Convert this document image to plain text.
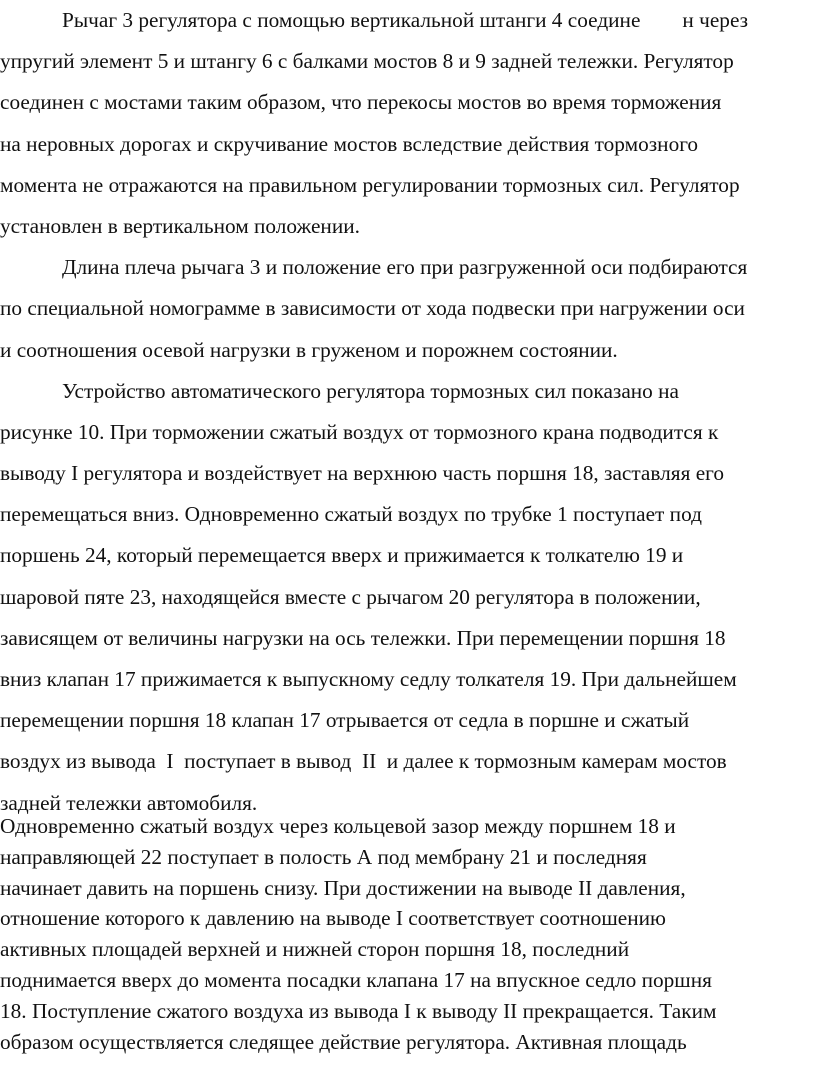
Рычаг 3 регулятора с помощью вертикальной штанги 4 соедине н через
упругий элемент 5 и штангу 6 с балками мостов 8 и 9 задней тележки. Регулятор
соединен с мостами таким образом, что перекосы мостов во время торможения
на неровных дорогах и скручивание мостов вследствие действия тормозного
момента не отражаются на правильном регулировании тормозных сил. Регулятор
установлен в вертикальном положении.
Длина плеча рычага 3 и положение его при разгруженной оси подбираются
по специальной номограмме в зависимости от хода подвески при нагружении оси
и соотношения осевой нагрузки в груженом и порожнем состоянии.
Устройство автоматического регулятора тормозных сил показано на
рисунке 10. При торможении сжатый воздух от тормозного крана подводится к
выводу I регулятора и воздействует на верхнюю часть поршня 18, заставляя его
перемещаться вниз. Одновременно сжатый воздух по трубке 1 поступает под
поршень 24, который перемещается вверх и прижимается к толкателю 19 и
шаровой пяте 23, находящейся вместе с рычагом 20 регулятора в положении,
зависящем от величины нагрузки на ось тележки. При перемещении поршня 18
вниз клапан 17 прижимается к выпускному седлу толкателя 19. При дальнейшем
перемещении поршня 18 клапан 17 отрывается от седла в поршне и сжатый
воздух из вывода  I  поступает в вывод  II  и далее к тормозным камерам мостов
задней тележки автомобиля.
Одновременно сжатый воздух через кольцевой зазор между поршнем 18 и
направляющей 22 поступает в полость А под мембрану 21 и последняя
начинает давить на поршень снизу. При достижении на выводе II давления,
отношение которого к давлению на выводе I соответствует соотношению
активных площадей верхней и нижней сторон поршня 18, последний
поднимается вверх до момента посадки клапана 17 на впускное седло поршня
18. Поступление сжатого воздуха из вывода I к выводу II прекращается. Таким
образом осуществляется следящее действие регулятора. Активная площадь
